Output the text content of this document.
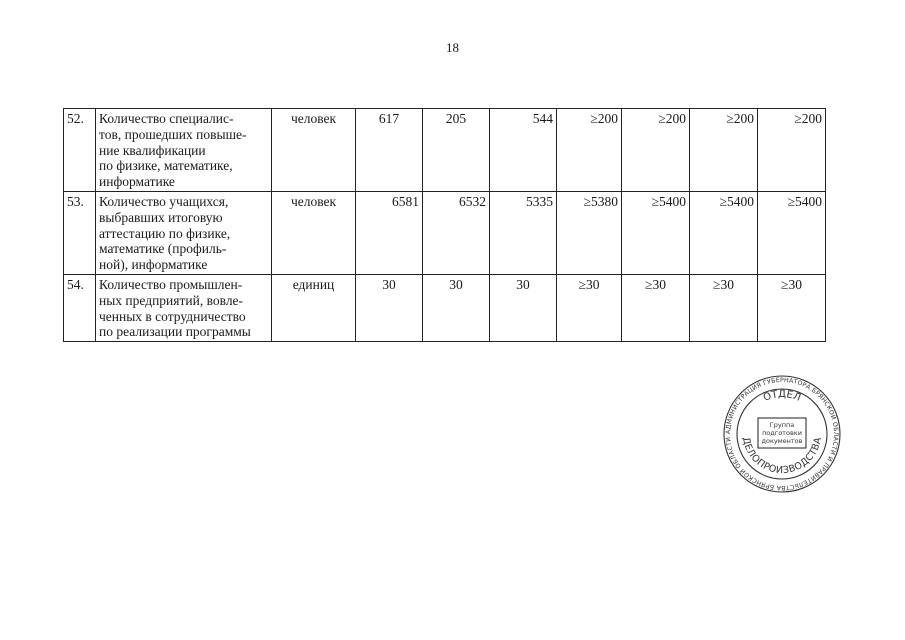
18
52.	Количество специалис-
тов, прошедших повыше-
ние квалификации
по физике, математике,
информатике	человек	617	205	544	≥200	≥200	≥200	≥200
53.	Количество учащихся,
выбравших итоговую
аттестацию по физике,
математике (профиль-
ной), информатике	человек	6581	6532	5335	≥5380	≥5400	≥5400	≥5400
54.	Количество промышлен-
ных предприятий, вовле-
ченных в сотрудничество
по реализации программы	единиц	30	30	30	≥30	≥30	≥30	≥30
АДМИНИСТРАЦИЯ ГУБЕРНАТОРА БРЯНСКОЙ ОБЛАСТИ И ПРАВИТЕЛЬСТВА БРЯНСКОЙ ОБЛАСТИ
ОТДЕЛ
ДЕЛОПРОИЗВОДСТВА
Группа
подготовки
документов
